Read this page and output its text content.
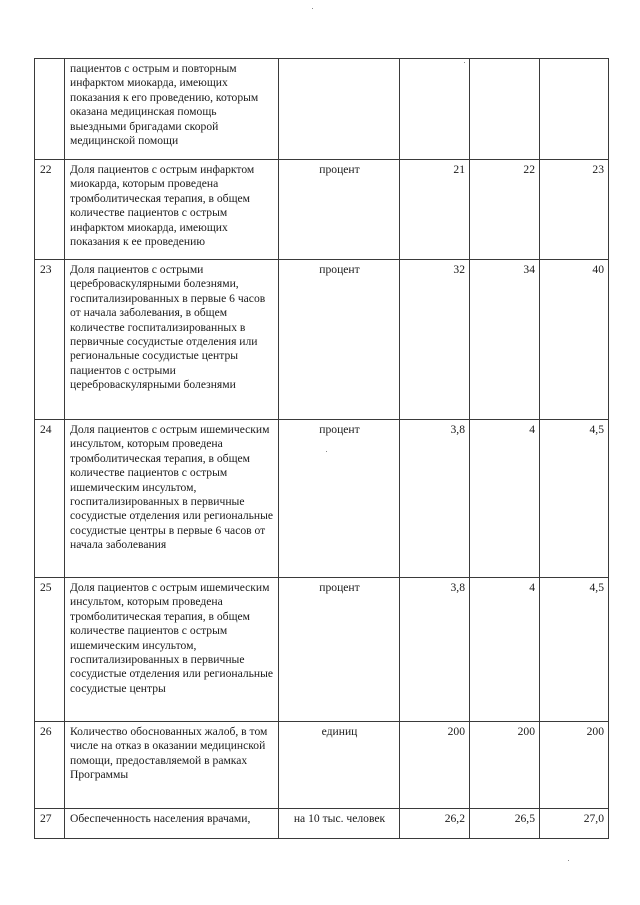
	пациентов с острым и повторным инфарктом миокарда, имеющих показания к его проведению, которым оказана медицинская помощь выездными бригадами скорой медицинской помощи				
22	Доля пациентов с острым инфарктом миокарда, которым проведена тромболитическая терапия, в общем количестве пациентов с острым инфарктом миокарда, имеющих показания к ее проведению	процент	21	22	23
23	Доля пациентов с острыми цереброваскулярными болезнями, госпитализированных в первые 6 часов от начала заболевания, в общем количестве госпитализированных в первичные сосудистые отделения или региональные сосудистые центры пациентов с острыми цереброваскулярными болезнями	процент	32	34	40
24	Доля пациентов с острым ишемическим инсультом, которым проведена тромболитическая терапия, в общем количестве пациентов с острым ишемическим инсультом, госпитализированных в первичные сосудистые отделения или региональные сосудистые центры в первые 6 часов от начала заболевания	процент	3,8	4	4,5
25	Доля пациентов с острым ишемическим инсультом, которым проведена тромболитическая терапия, в общем количестве пациентов с острым ишемическим инсультом, госпитализированных в первичные сосудистые отделения или региональные сосудистые центры	процент	3,8	4	4,5
26	Количество обоснованных жалоб, в том числе на отказ в оказании медицинской помощи, предоставляемой в рамках Программы	единиц	200	200	200
27	Обеспеченность населения врачами,	на 10 тыс. человек	26,2	26,5	27,0
